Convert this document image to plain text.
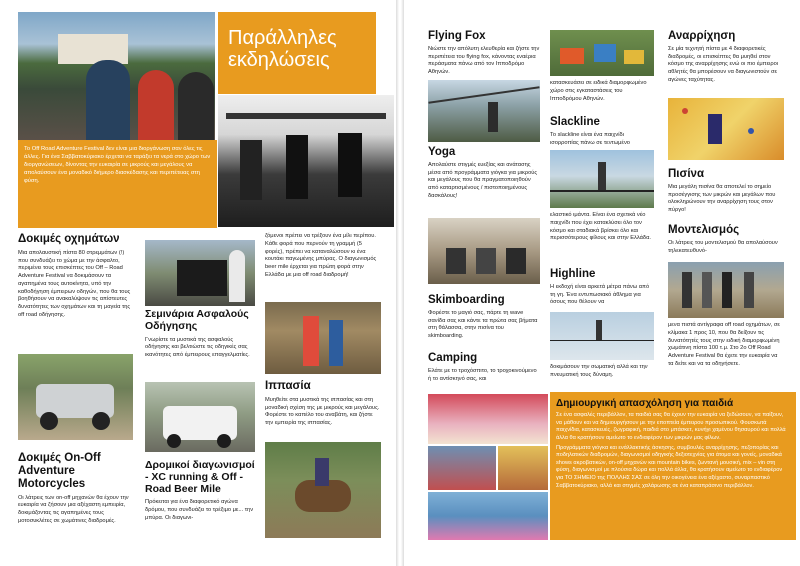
Παράλληλες εκδηλώσεις
Το Off Road Adventure Festival δεν είναι μια διοργάνωση σαν όλες τις άλλες. Για ένα Σαββατοκύριακο έρχεται να ταράξει τα νερά στο χώρο των διοργανώσεων, δίνοντας την ευκαιρία σε μικρούς και μεγάλους να απολαύσουν ένα μοναδικό διήμερο διασκέδασης και περιπέτειας στη φύση.
Δοκιμές οχημάτων
Μια απολαυστική πίστα 80 στρεμμάτων (!) που συνδυάζει το χώμα με την άσφαλτο, περιμένει τους επισκέπτες του Off – Road Adventure Festival να δοκιμάσουν τα αγαπημένα τους αυτοκίνητα, υπό την καθοδήγηση έμπειρων οδηγών, που θα τους βοηθήσουν να ανακαλύψουν τις απίστευτες δυνατότητες των οχημάτων και τη μαγεία της off road οδήγησης.
Δοκιμές On-Off Adventure Motorcycles
Οι λάτρεις των on-off μηχανών θα έχουν την ευκαιρία να ζήσουν μια αξέχαστη εμπειρία, δοκιμάζοντας τις αγαπημένες τους μοτοσυκλέτες σε χωμάτινες διαδρομές.
Σεμινάρια Ασφαλούς Οδήγησης
Γνωρίστε τα μυστικά της ασφαλούς οδήγησης και βελτιώστε τις οδηγικές σας ικανότητες από έμπειρους επαγγελματίες.
Δρομικοί διαγωνισμοί - XC running & Off - Road Beer Mile
Πρόκειται για ένα διαφορετικό αγώνα δρόμου, που συνδυάζει το τρέξιμο με... την μπύρα. Οι διαγωνι-
ζόμενοι πρέπει να τρέξουν ένα μίλι περίπου. Κάθε φορά που περνούν τη γραμμή (5 φορές), πρέπει να καταναλώσουν κι ένα κουτάκι παγωμένης μπύρας. Ο διαγωνισμός beer mile έρχεται για πρώτη φορά στην Ελλάδα με μια off road διαδρομή!
Ιππασία
Μυηθείτε στα μυστικά της ιππασίας και στη μοναδική σχέση της με μικρούς και μεγάλους. Φορέστε το καπέλο του αναβάτη, και ζήστε την εμπειρία της ιππασίας.
Flying Fox
Νιώστε την απόλυτη ελευθερία και ζήστε την περιπέτεια του flying fox, κάνοντας εναέρια περάσματα πάνω από τον Ιπποδρόμο Αθηνών.
Yoga
Απολαύστε στιγμές ευεξίας και ανάτασης μέσα από προγράμματα γιόγκα για μικρούς και μεγάλους που θα πραγματοποιηθούν από καταρτισμένους / πιστοποιημένους δασκάλους!
Skimboarding
Φορέστε το μαγιό σας, πάρτε τη wave σανίδα σας και κάντε τα πρώτα σας βήματα στη θάλασσα, στην πισίνα του skimboarding.
Camping
Ελάτε με το τροχόσπιτο, το τροχοκινούμενο ή το αντίσκηνό σας, και
κατασκευάσει σε ειδικά διαμορφωμένο χώρο στις εγκαταστάσεις του Ιπποδρόμου Αθηνών.
Slackline
Το slackline είναι ένα παιχνίδι ισορροπίας πάνω σε τεντωμένο
ελαστικό ιμάντα. Είναι ένα σχετικά νέο παιχνίδι που έχει κατακλύσει όλο τον κόσμο και σταδιακά βρίσκει όλο και περισσότερους φίλους και στην Ελλάδα.
Highline
Η εκδοχή είναι αρκετά μέτρα πάνω από τη γη. Ένα εντυπωσιακό άθλημα για όσους που θέλουν να
δοκιμάσουν την σωματική αλλά και την πνευματική τους δύναμη.
Αναρρίχηση
Σε μία τεχνητή πίστα με 4 διαφορετικές διαδρομές, οι επισκέπτες θα μυηθεί στον κόσμο της αναρρίχησης ενώ οι πιο έμπειροι αθλητές θα μπορέσουν να διαγωνιστούν σε αγώνες ταχύτητας.
Πισίνα
Μια μεγάλη πισίνα θα αποτελεί το σημείο προσέγγισης των μικρών και μεγάλων που ολοκληρώνουν την αναρρίχηση τους στον πύργο!
Μοντελισμός
Οι λάτρεις του μοντελισμού θα απολαύσουν τηλεκατευθυνό-
μενα πιστά αντίγραφα off road οχημάτων, σε κλίμακα 1 προς 10, που θα δείξουν τις δυνατότητές τους στην ειδική διαμορφωμένη χωμάτινη πίστα 100 τ.μ. Στο 2ο Off Road Adventure Festival θα έχετε την ευκαιρία να τα δείτε και να τα οδηγήσετε.
Δημιουργική απασχόληση για παιδιά
Σε ένα ασφαλές περιβάλλον, τα παιδιά σας θα έχουν την ευκαιρία να ξεδώσουν, να παίξουν, να μάθουν και να δημιουργήσουν με την εποπτεία έμπειρου προσωπικού. Φουσκωτά παιχνίδια, κατασκευές, ζωγραφική, παιδιά στο μπάσκετ, κυνήγι χαμένου θησαυρού και πολλά άλλα θα κρατήσουν αμείωτο το ενδιαφέρον των μικρών μας φίλων.
Προγράμματα γιόγκα και ενάλλακτικής άσκησης, συμβουλές αναρρίχησης, πεζοπορίας και ποδηλατικών διαδρομών, διαγωνισμοί οδηγικής δεξιοτεχνίας για άτομα και γονείς, μοναδικά shows ακροβατικών, on-off μηχανών και mountain bikes, ζωντανή μουσική, mix – vin στη φύση, διαγωνισμοί με πλούσια δώρα και πολλά άλλα, θα κρατήσουν αμείωτο το ενδιαφέρον για ΤΟ ΣΗΜΕΙΟ της ΠΟΛΛΗΣ ΣΑΣ σε όλη την οικογένεια ένα αξέχαστο, συναρπαστικό Σαββατοκύριακο, αλλά και στιγμές χαλάρωσης σε ένα καταπράσινο περιβάλλον.
